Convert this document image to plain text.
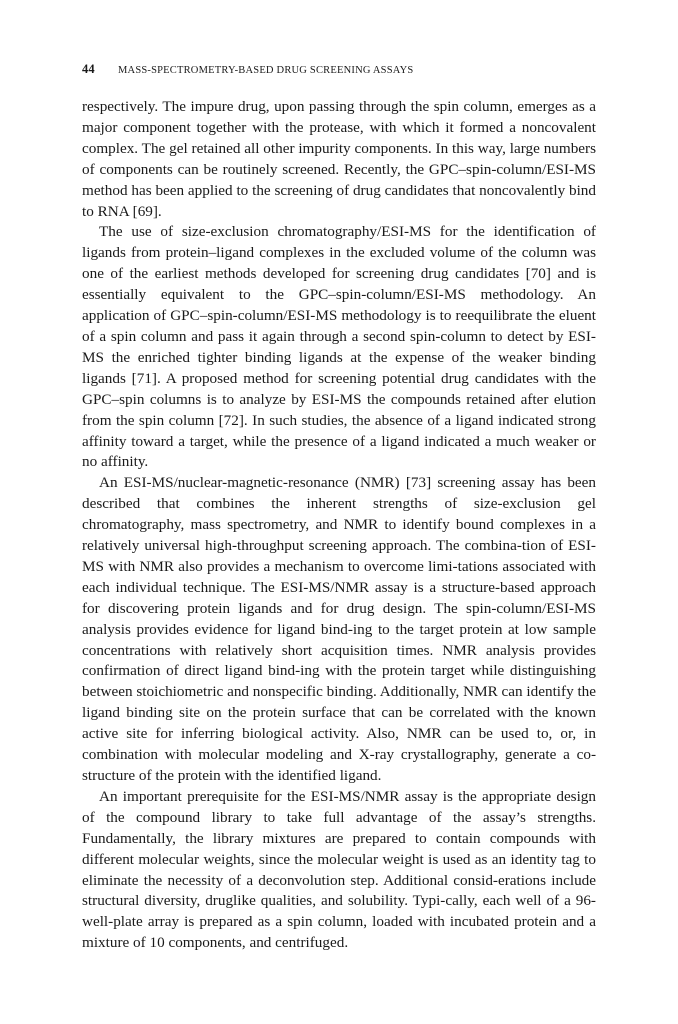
44	MASS-SPECTROMETRY-BASED DRUG SCREENING ASSAYS

respectively. The impure drug, upon passing through the spin column, emerges as a major component together with the protease, with which it formed a noncovalent complex. The gel retained all other impurity components. In this way, large numbers of components can be routinely screened. Recently, the GPC–spin-column/ESI-MS method has been applied to the screening of drug candidates that noncovalently bind to RNA [69].

The use of size-exclusion chromatography/ESI-MS for the identification of ligands from protein–ligand complexes in the excluded volume of the column was one of the earliest methods developed for screening drug candidates [70] and is essentially equivalent to the GPC–spin-column/ESI-MS methodology. An application of GPC–spin-column/ESI-MS methodology is to reequilibrate the eluent of a spin column and pass it again through a second spin-column to detect by ESI-MS the enriched tighter binding ligands at the expense of the weaker binding ligands [71]. A proposed method for screening potential drug candidates with the GPC–spin columns is to analyze by ESI-MS the compounds retained after elution from the spin column [72]. In such studies, the absence of a ligand indicated strong affinity toward a target, while the presence of a ligand indicated a much weaker or no affinity.

An ESI-MS/nuclear-magnetic-resonance (NMR) [73] screening assay has been described that combines the inherent strengths of size-exclusion gel chromatography, mass spectrometry, and NMR to identify bound complexes in a relatively universal high-throughput screening approach. The combina-tion of ESI-MS with NMR also provides a mechanism to overcome limi-tations associated with each individual technique. The ESI-MS/NMR assay is a structure-based approach for discovering protein ligands and for drug design. The spin-column/ESI-MS analysis provides evidence for ligand bind-ing to the target protein at low sample concentrations with relatively short acquisition times. NMR analysis provides confirmation of direct ligand bind-ing with the protein target while distinguishing between stoichiometric and nonspecific binding. Additionally, NMR can identify the ligand binding site on the protein surface that can be correlated with the known active site for inferring biological activity. Also, NMR can be used to, or, in combination with molecular modeling and X-ray crystallography, generate a co-structure of the protein with the identified ligand.

An important prerequisite for the ESI-MS/NMR assay is the appropriate design of the compound library to take full advantage of the assay’s strengths. Fundamentally, the library mixtures are prepared to contain compounds with different molecular weights, since the molecular weight is used as an identity tag to eliminate the necessity of a deconvolution step. Additional consid-erations include structural diversity, druglike qualities, and solubility. Typi-cally, each well of a 96-well-plate array is prepared as a spin column, loaded with incubated protein and a mixture of 10 components, and centrifuged.
